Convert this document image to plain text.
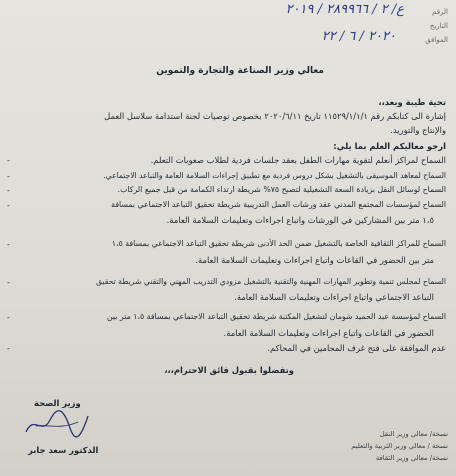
الرقم
ع/ ٢ / ٢٨٩٩٦٦ / ٢٠١٩
التاريخ
الموافق
٢٠٢٠ / ٦ / ٢٢
معالي وزير الصناعة والتجارة والتموين
تحية طيبة وبعد،،
إشارة الى كتابكم رقم ١١٥٢٩/١/١/١ تاريخ ٢٠٢٠/٦/١١ بخصوص توصيات لجنة استدامة سلاسل العمل
والإنتاج والتوريد.
ارجو معاليكم العلم بما يلي:
-	السماح لمراكز أنعلم لتقوية مهارات الطفل بعقد جلسات فردية لطلاب صعوبات التعلم.
-	السماح لمعاهد الموسيقى بالتشغيل بشكل دروس فردية مع تطبيق إجراءات السلامة العامة والتباعد الاجتماعي.
-	السماح لوسائل النقل بزيادة السعة التشغيلية لتصبح ٧٥% شريطة ارتداء الكمامة من قبل جميع الركاب.
-	السماح لمؤسسات المجتمع المدني عقد ورشات العمل التدريبية شريطة تحقيق التباعد الاجتماعي بمسافة
١،٥ متر بين المشاركين في الورشات واتباع اجراءات وتعليمات السلامة العامة.
-	السماح للمراكز الثقافية الخاصة بالتشغيل ضمن الحد الأدنى شريطة تحقيق التباعد الاجتماعي بمسافة ١،٥
متر بين الحضور في القاعات واتباع اجراءات وتعليمات السلامة العامة.
-	السماح لمجلس تنمية وتطوير المهارات المهنية والتقنية بالتشغيل مزودي التدريب المهني والتقني شريطة تحقيق
التباعد الاجتماعي واتباع اجراءات وتعليمات السلامة العامة.
-	السماح لمؤسسة عبد الحميد شومان لتشغيل المكتبة شريطة تحقيق التباعد الاجتماعي بمسافة ١،٥ متر بين
الحضور في القاعات واتباع اجراءات وتعليمات السلامة العامة.
-	عدم الموافقة على فتح غرف المحامين في المحاكم.
وتفضلوا بقبول فائق الاحترام،،،
وزير الصحة
الدكتور سعد جابر
نسخة/ معالي وزير النقل
نسخة / معالي وزير التربية والتعليم
نسخة/ معالي وزير الثقافة
